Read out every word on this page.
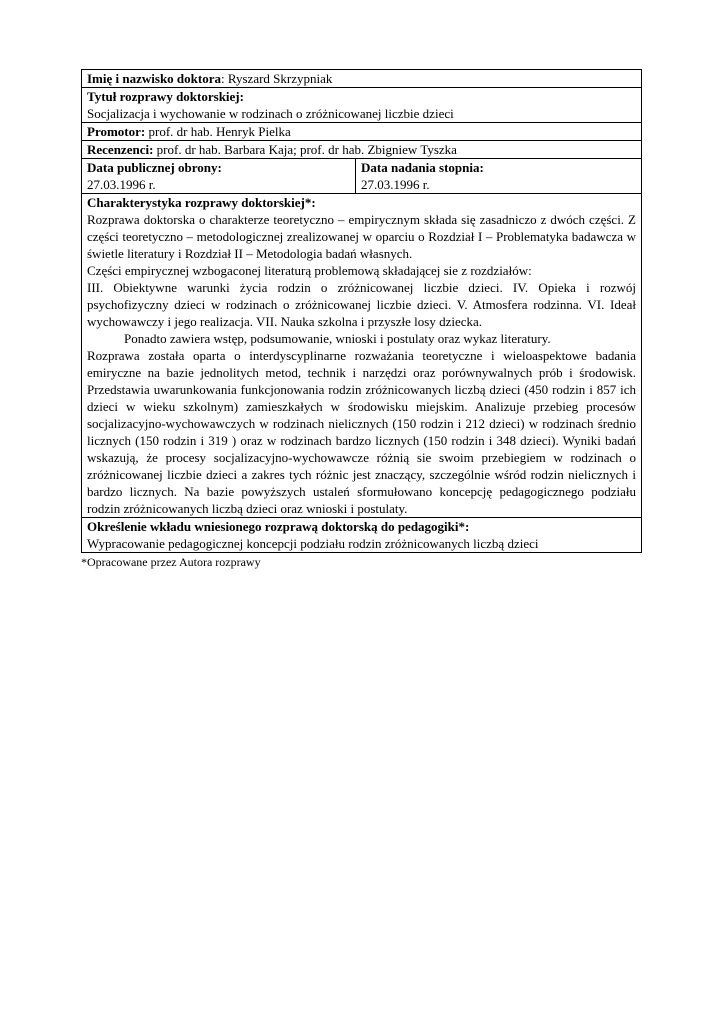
Imię i nazwisko doktora: Ryszard Skrzypniak

Tytuł rozprawy doktorskiej:
Socjalizacja i wychowanie w rodzinach o zróżnicowanej liczbie dzieci

Promotor: prof. dr hab. Henryk Pielka
Recenzenci: prof. dr hab. Barbara Kaja; prof. dr hab. Zbigniew Tyszka

Data publicznej obrony:
27.03.1996 r.

Data nadania stopnia:
27.03.1996 r.

Charakterystyka rozprawy doktorskiej*:
Rozprawa doktorska o charakterze teoretyczno – empirycznym składa się zasadniczo z dwóch części. Z części teoretyczno – metodologicznej zrealizowanej w oparciu o Rozdział I – Problematyka badawcza w świetle literatury i Rozdział II – Metodologia badań własnych.
Części empirycznej wzbogaconej literaturą problemową składającej sie z rozdziałów:
III. Obiektywne warunki życia rodzin o zróżnicowanej liczbie dzieci. IV. Opieka i rozwój psychofizyczny dzieci w rodzinach o zróżnicowanej liczbie dzieci. V. Atmosfera rodzinna. VI. Ideał wychowawczy i jego realizacja. VII. Nauka szkolna i przyszłe losy dziecka.
Ponadto zawiera wstęp, podsumowanie, wnioski i postulaty oraz wykaz literatury.
Rozprawa została oparta o interdyscyplinarne rozważania teoretyczne i wieloaspektowe badania emiryczne na bazie jednolitych metod, technik i narzędzi oraz porównywalnych prób i środowisk. Przedstawia uwarunkowania funkcjonowania rodzin zróżnicowanych liczbą dzieci (450 rodzin i 857 ich dzieci w wieku szkolnym) zamieszkałych w środowisku miejskim. Analizuje przebieg procesów socjalizacyjno-wychowawczych w rodzinach nielicznych (150 rodzin i 212 dzieci) w rodzinach średnio licznych (150 rodzin i 319 ) oraz w rodzinach bardzo licznych (150 rodzin i 348 dzieci). Wyniki badań wskazują, że procesy socjalizacyjno-wychowawcze różnią sie swoim przebiegiem w rodzinach o zróżnicowanej liczbie dzieci a zakres tych różnic jest znaczący, szczególnie wśród rodzin nielicznych i bardzo licznych. Na bazie powyższych ustaleń sformułowano koncepcję pedagogicznego podziału rodzin zróżnicowanych liczbą dzieci oraz wnioski i postulaty.

Określenie wkładu wniesionego rozprawą doktorską do pedagogiki*:
Wypracowanie pedagogicznej koncepcji podziału rodzin zróżnicowanych liczbą dzieci
*Opracowane przez Autora rozprawy
